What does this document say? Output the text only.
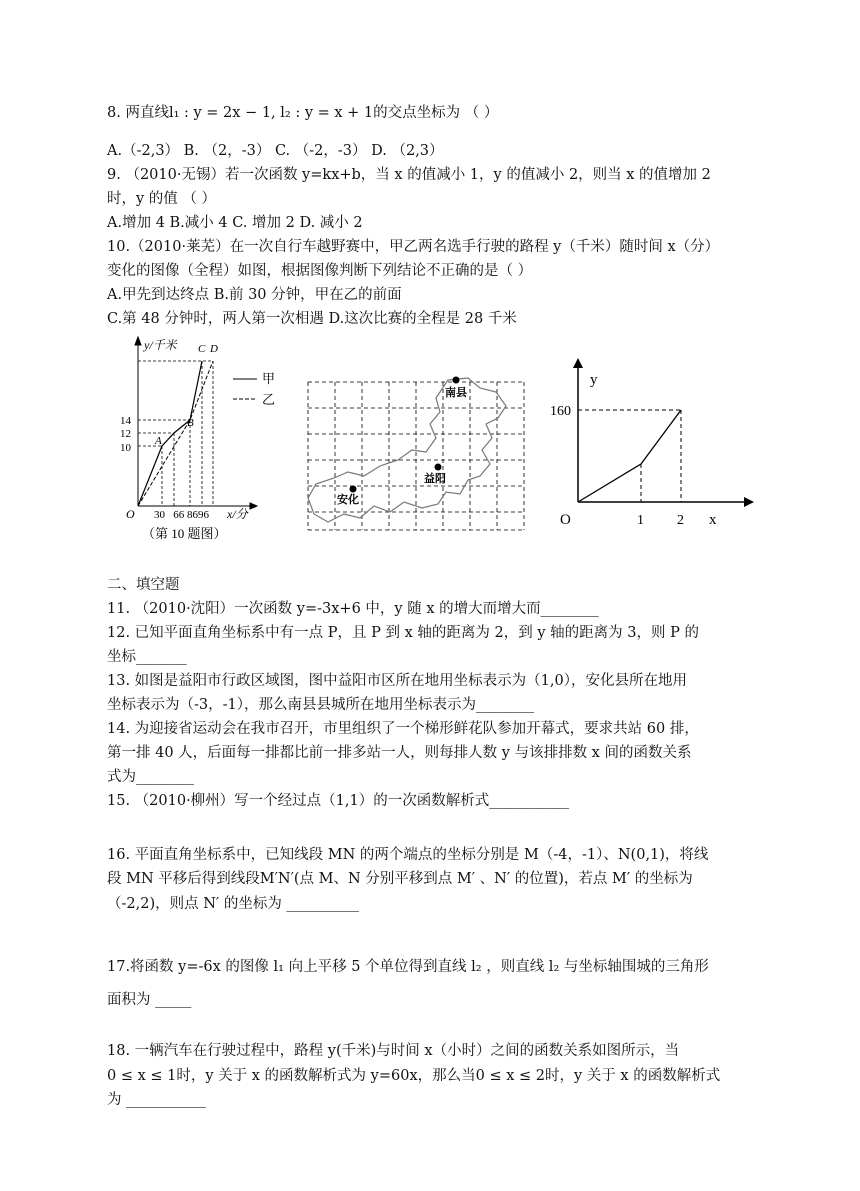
8. 两直线l₁ : y = 2x − 1, l₂ : y = x + 1的交点坐标为 （ ）
A.（-2,3） B. （2，-3） C. （-2，-3） D. （2,3）
9. （2010·无锡）若一次函数 y=kx+b，当 x 的值减小 1，y 的值减小 2，则当 x 的值增加 2
时，y 的值 （ ）
A.增加 4 B.减小 4 C. 增加 2 D. 减小 2
10.（2010·莱芜）在一次自行车越野赛中，甲乙两名选手行驶的路程 y（千米）随时间 x（分）
变化的图像（全程）如图，根据图像判断下列结论不正确的是（ ）
A.甲先到达终点 B.前 30 分钟，甲在乙的前面
C.第 48 分钟时，两人第一次相遇 D.这次比赛的全程是 28 千米
y/千米
x/分
O
14
12
10
30   66 8696
A
B
C D
甲
乙
（第 10 题图）
南县
益阳
安化
y
x
O
160
1 2
二、填空题
11. （2010·沈阳）一次函数 y=-3x+6 中，y 随 x 的增大而增大而________
12. 已知平面直角坐标系中有一点 P，且 P 到 x 轴的距离为 2，到 y 轴的距离为 3，则 P 的
坐标_______
13. 如图是益阳市行政区域图，图中益阳市区所在地用坐标表示为（1,0），安化县所在地用
坐标表示为（-3，-1），那么南县县城所在地用坐标表示为________
14. 为迎接省运动会在我市召开，市里组织了一个梯形鲜花队参加开幕式，要求共站 60 排，
第一排 40 人，后面每一排都比前一排多站一人，则每排人数 y 与该排排数 x 间的函数关系
式为________
15. （2010·柳州）写一个经过点（1,1）的一次函数解析式___________
16. 平面直角坐标系中，已知线段 MN 的两个端点的坐标分别是 M（-4，-1）、N(0,1)，将线
段 MN 平移后得到线段M′N′(点 M、N 分别平移到点 M′ 、N′ 的位置)，若点 M′ 的坐标为
（-2,2)，则点 N′ 的坐标为 __________
17.将函数 y=-6x 的图像 l₁ 向上平移 5 个单位得到直线 l₂ ，则直线 l₂ 与坐标轴围城的三角形
面积为 _____
18. 一辆汽车在行驶过程中，路程 y(千米)与时间 x（小时）之间的函数关系如图所示，当
0 ≤ x ≤ 1时，y 关于 x 的函数解析式为 y=60x，那么当0 ≤ x ≤ 2时，y 关于 x 的函数解析式
为 ___________
